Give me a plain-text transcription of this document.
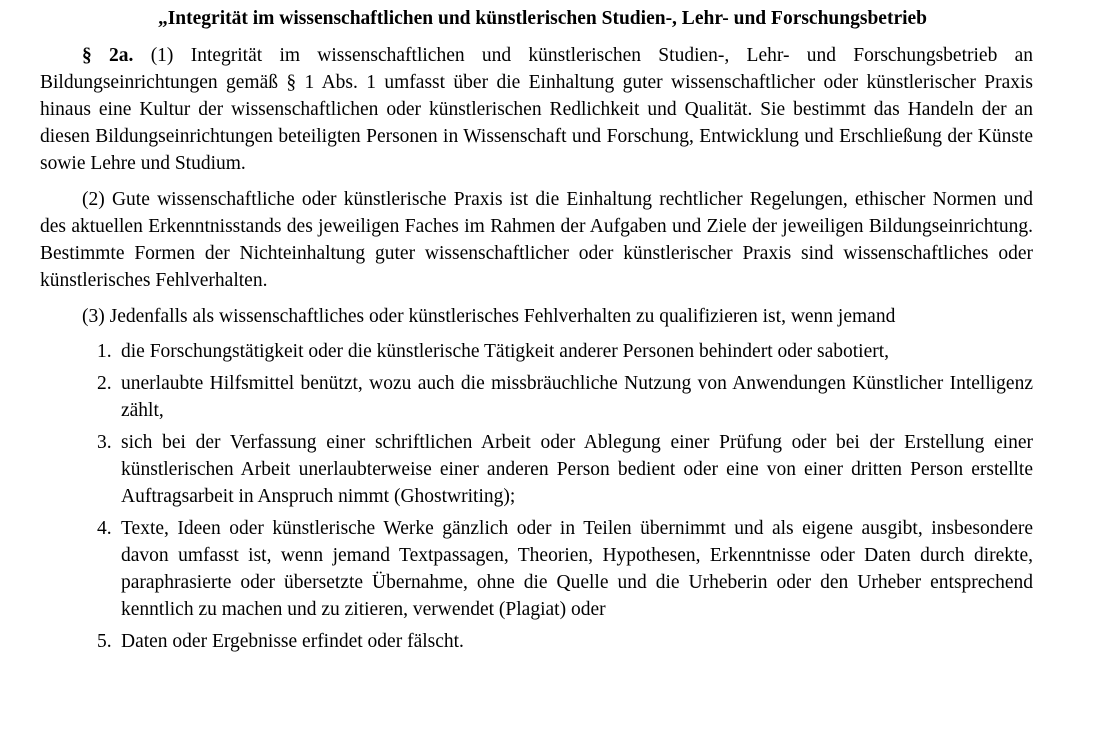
„Integrität im wissenschaftlichen und künstlerischen Studien-, Lehr- und Forschungsbetrieb

§ 2a. (1) Integrität im wissenschaftlichen und künstlerischen Studien-, Lehr- und Forschungsbetrieb an Bildungseinrichtungen gemäß § 1 Abs. 1 umfasst über die Einhaltung guter wissenschaftlicher oder künstlerischer Praxis hinaus eine Kultur der wissenschaftlichen oder künstlerischen Redlichkeit und Qualität. Sie bestimmt das Handeln der an diesen Bildungseinrichtungen beteiligten Personen in Wissenschaft und Forschung, Entwicklung und Erschließung der Künste sowie Lehre und Studium.

(2) Gute wissenschaftliche oder künstlerische Praxis ist die Einhaltung rechtlicher Regelungen, ethischer Normen und des aktuellen Erkenntnisstands des jeweiligen Faches im Rahmen der Aufgaben und Ziele der jeweiligen Bildungseinrichtung. Bestimmte Formen der Nichteinhaltung guter wissenschaftlicher oder künstlerischer Praxis sind wissenschaftliches oder künstlerisches Fehlverhalten.

(3) Jedenfalls als wissenschaftliches oder künstlerisches Fehlverhalten zu qualifizieren ist, wenn jemand

1. die Forschungstätigkeit oder die künstlerische Tätigkeit anderer Personen behindert oder sabotiert,
2. unerlaubte Hilfsmittel benützt, wozu auch die missbräuchliche Nutzung von Anwendungen Künstlicher Intelligenz zählt,
3. sich bei der Verfassung einer schriftlichen Arbeit oder Ablegung einer Prüfung oder bei der Erstellung einer künstlerischen Arbeit unerlaubterweise einer anderen Person bedient oder eine von einer dritten Person erstellte Auftragsarbeit in Anspruch nimmt (Ghostwriting);
4. Texte, Ideen oder künstlerische Werke gänzlich oder in Teilen übernimmt und als eigene ausgibt, insbesondere davon umfasst ist, wenn jemand Textpassagen, Theorien, Hypothesen, Erkenntnisse oder Daten durch direkte, paraphrasierte oder übersetzte Übernahme, ohne die Quelle und die Urheberin oder den Urheber entsprechend kenntlich zu machen und zu zitieren, verwendet (Plagiat) oder
5. Daten oder Ergebnisse erfindet oder fälscht.
